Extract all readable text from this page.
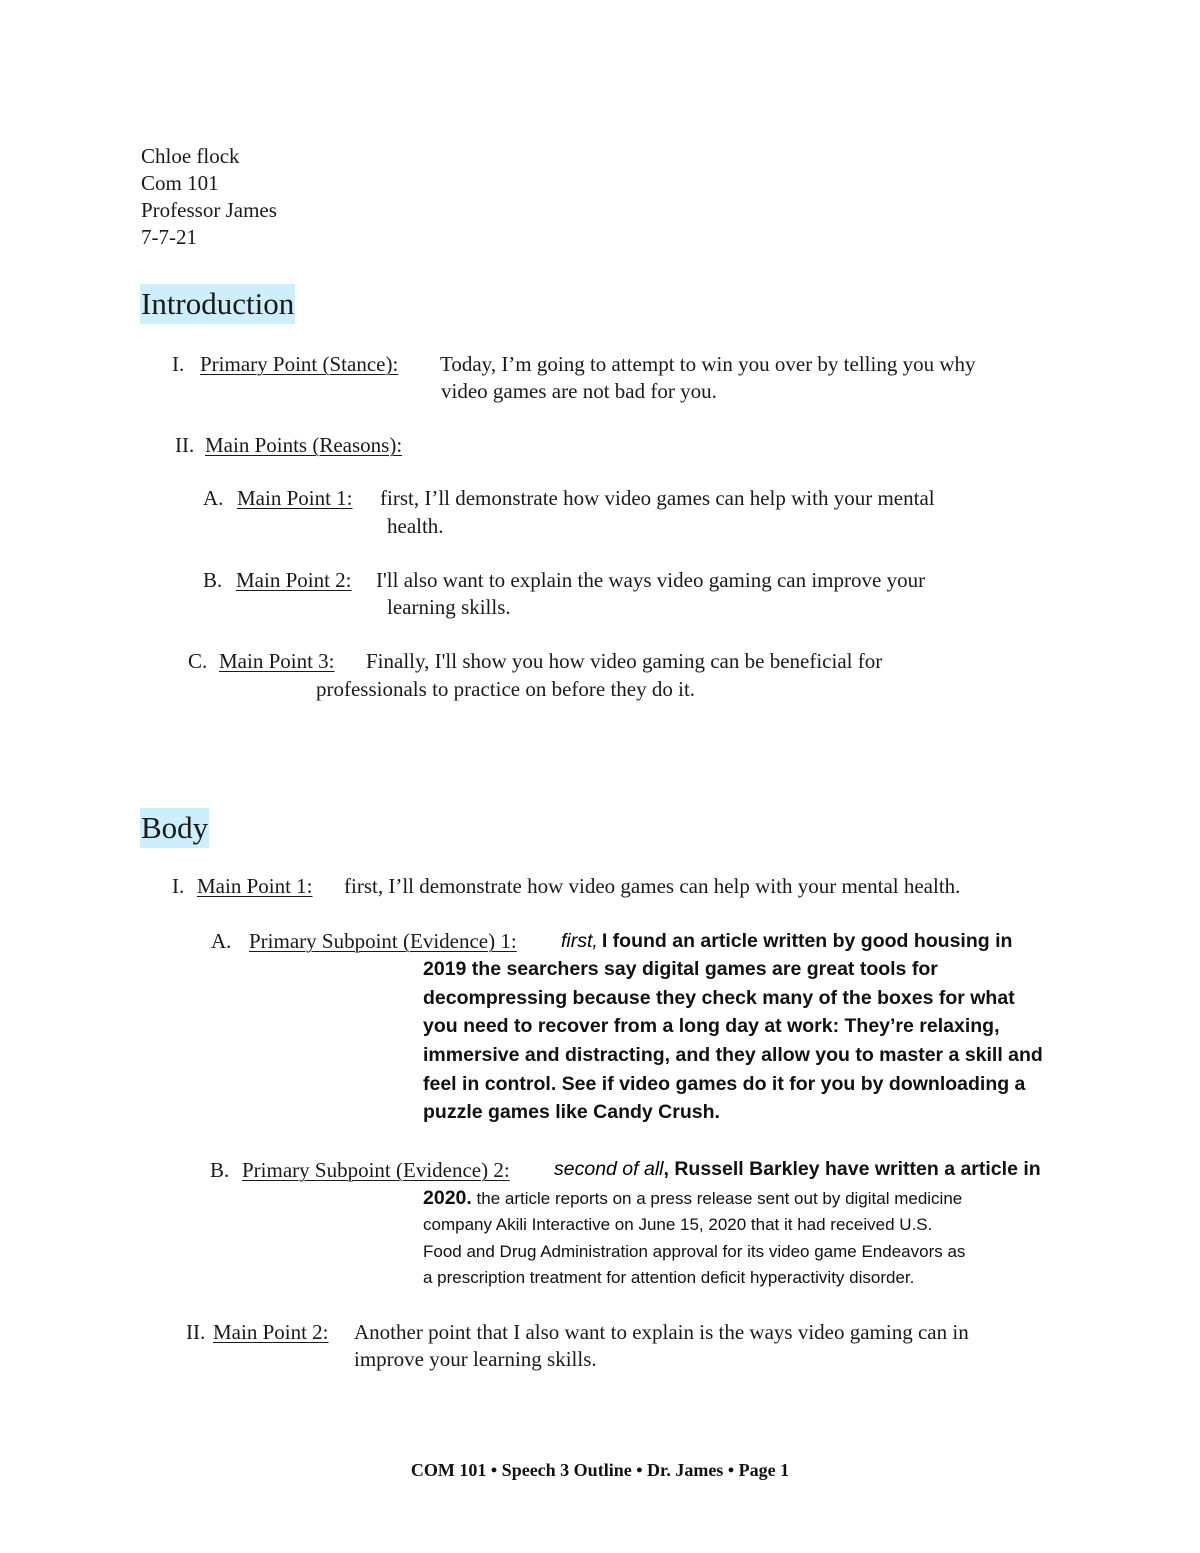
Chloe flock
Com 101
Professor James
7-7-21
Introduction
I. Primary Point (Stance): Today, I’m going to attempt to win you over by telling you why
video games are not bad for you.
II. Main Points (Reasons):
A. Main Point 1: first, I’ll demonstrate how video games can help with your mental
health.
B. Main Point 2: I'll also want to explain the ways video gaming can improve your
learning skills.
C. Main Point 3: Finally, I'll show you how video gaming can be beneficial for
professionals to practice on before they do it.
Body
I. Main Point 1: first, I’ll demonstrate how video games can help with your mental health.
A. Primary Subpoint (Evidence) 1: first, I found an article written by good housing in
2019 the searchers say digital games are great tools for
decompressing because they check many of the boxes for what
you need to recover from a long day at work: They’re relaxing,
immersive and distracting, and they allow you to master a skill and
feel in control. See if video games do it for you by downloading a
puzzle games like Candy Crush.
B. Primary Subpoint (Evidence) 2: second of all, Russell Barkley have written a article in
2020. the article reports on a press release sent out by digital medicine
company Akili Interactive on June 15, 2020 that it had received U.S.
Food and Drug Administration approval for its video game Endeavors as
a prescription treatment for attention deficit hyperactivity disorder.
II. Main Point 2: Another point that I also want to explain is the ways video gaming can in
improve your learning skills.
COM 101 • Speech 3 Outline • Dr. James • Page 1
